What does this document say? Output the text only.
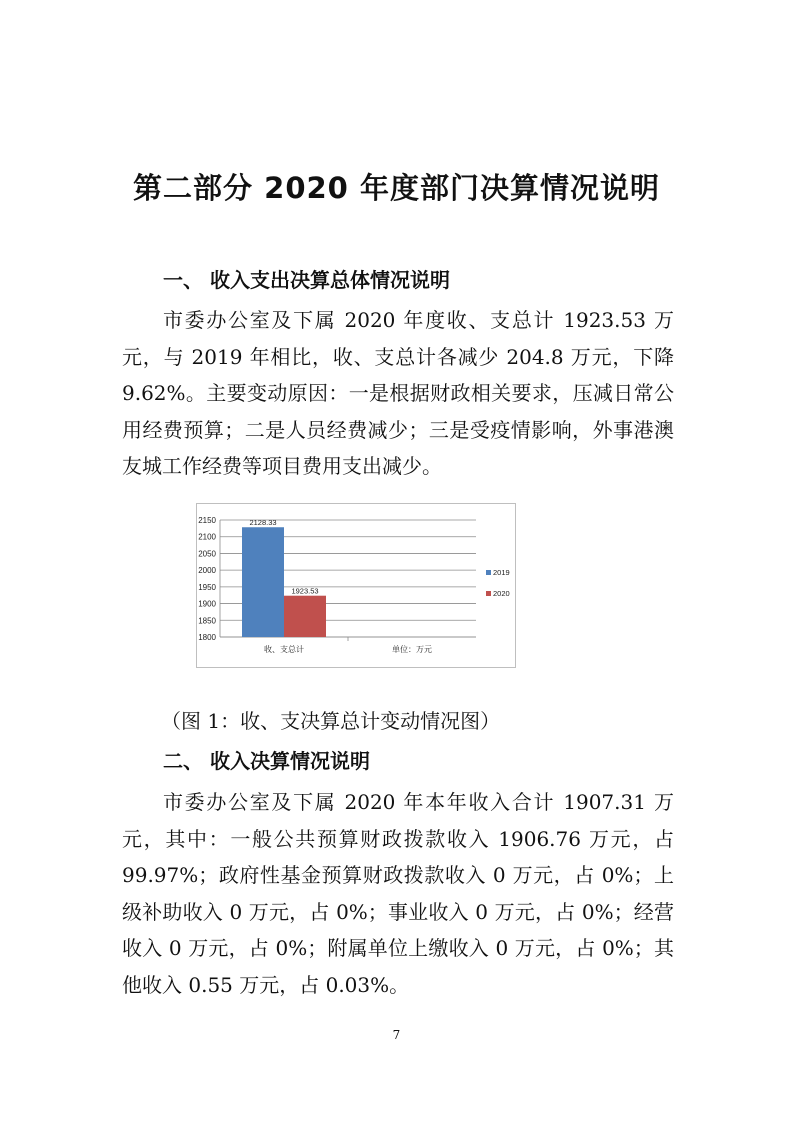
第二部分 2020 年度部门决算情况说明
一、 收入支出决算总体情况说明

市委办公室及下属 2020 年度收、支总计 1923.53 万元，与 2019 年相比，收、支总计各减少 204.8 万元，下降 9.62%。主要变动原因：一是根据财政相关要求，压减日常公用经费预算；二是人员经费减少；三是受疫情影响，外事港澳友城工作经费等项目费用支出减少。

2150
2100
2050
2000
1950
1900
1850
1800
收、支总计	单位：万元
2128.33
1923.53
2019
2020
（图 1：收、支决算总计变动情况图）
二、 收入决算情况说明

市委办公室及下属 2020 年本年收入合计 1907.31 万元，其中：一般公共预算财政拨款收入 1906.76 万元，占 99.97%；政府性基金预算财政拨款收入 0 万元，占 0%；上级补助收入 0 万元，占 0%；事业收入 0 万元，占 0%；经营收入 0 万元，占 0%；附属单位上缴收入 0 万元，占 0%；其他收入 0.55 万元，占 0.03%。

7
